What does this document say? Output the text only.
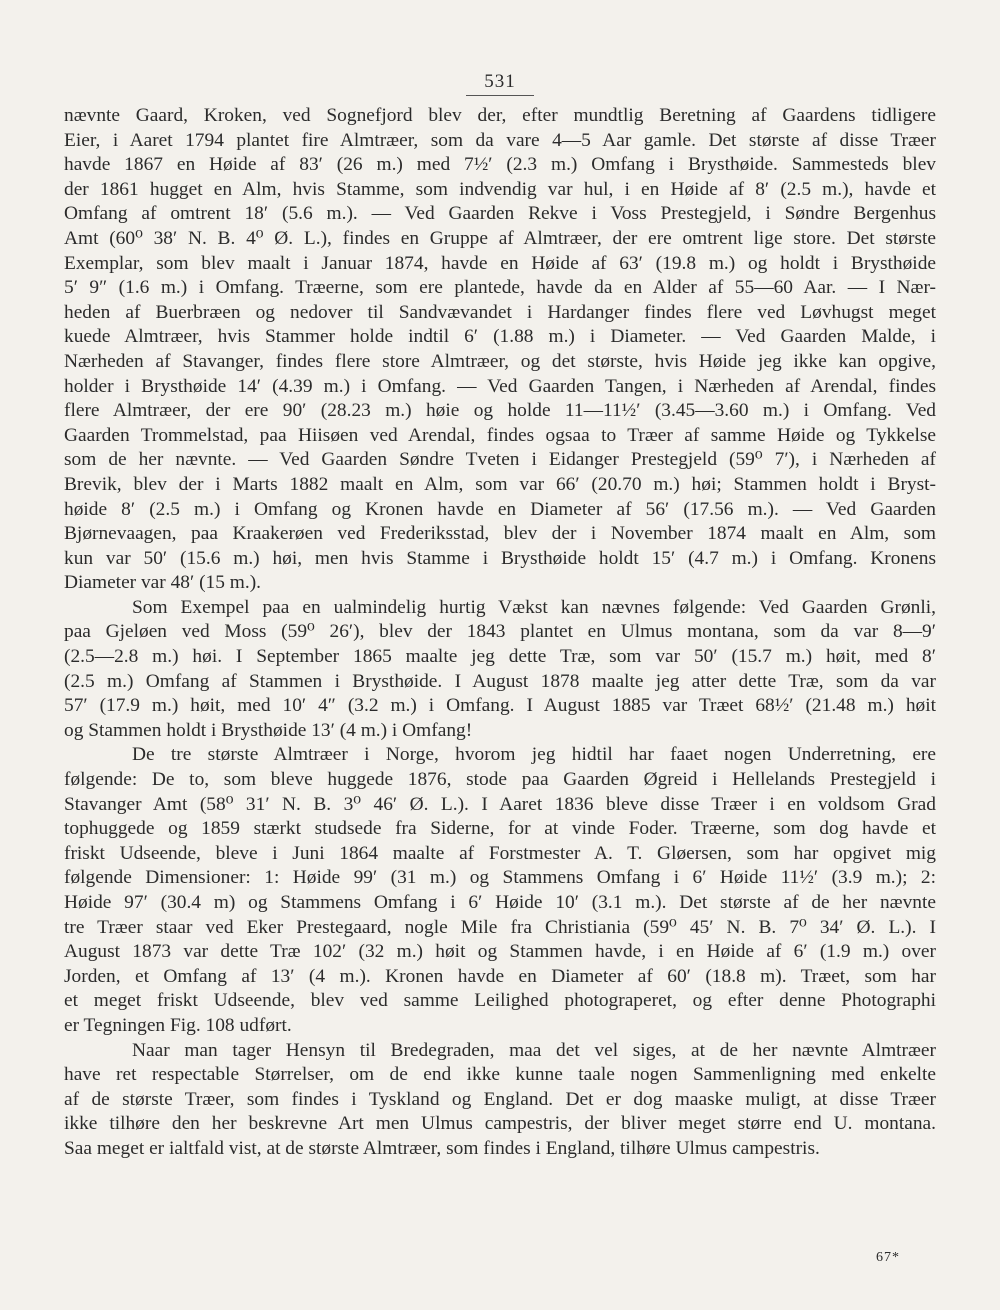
531

nævnte Gaard, Kroken, ved Sognefjord blev der, efter mundtlig Beretning af Gaardens tidligere
Eier, i Aaret 1794 plantet fire Almtræer, som da vare 4—5 Aar gamle. Det største af disse Træer
havde 1867 en Høide af 83′ (26 m.) med 7½′ (2.3 m.) Omfang i Brysthøide. Sammesteds blev
der 1861 hugget en Alm, hvis Stamme, som indvendig var hul, i en Høide af 8′ (2.5 m.), havde et
Omfang af omtrent 18′ (5.6 m.). — Ved Gaarden Rekve i Voss Prestegjeld, i Søndre Bergenhus
Amt (60⁰ 38′ N. B. 4⁰ Ø. L.), findes en Gruppe af Almtræer, der ere omtrent lige store. Det største
Exemplar, som blev maalt i Januar 1874, havde en Høide af 63′ (19.8 m.) og holdt i Brysthøide
5′ 9″ (1.6 m.) i Omfang. Træerne, som ere plantede, havde da en Alder af 55—60 Aar. — I Nær-
heden af Buerbræen og nedover til Sandvævandet i Hardanger findes flere ved Løvhugst meget
kuede Almtræer, hvis Stammer holde indtil 6′ (1.88 m.) i Diameter. — Ved Gaarden Malde, i
Nærheden af Stavanger, findes flere store Almtræer, og det største, hvis Høide jeg ikke kan opgive,
holder i Brysthøide 14′ (4.39 m.) i Omfang. — Ved Gaarden Tangen, i Nærheden af Arendal, findes
flere Almtræer, der ere 90′ (28.23 m.) høie og holde 11—11½′ (3.45—3.60 m.) i Omfang. Ved
Gaarden Trommelstad, paa Hiisøen ved Arendal, findes ogsaa to Træer af samme Høide og Tykkelse
som de her nævnte. — Ved Gaarden Søndre Tveten i Eidanger Prestegjeld (59⁰ 7′), i Nærheden af
Brevik, blev der i Marts 1882 maalt en Alm, som var 66′ (20.70 m.) høi; Stammen holdt i Bryst-
høide 8′ (2.5 m.) i Omfang og Kronen havde en Diameter af 56′ (17.56 m.). — Ved Gaarden
Bjørnevaagen, paa Kraakerøen ved Frederiksstad, blev der i November 1874 maalt en Alm, som
kun var 50′ (15.6 m.) høi, men hvis Stamme i Brysthøide holdt 15′ (4.7 m.) i Omfang. Kronens
Diameter var 48′ (15 m.).

Som Exempel paa en ualmindelig hurtig Vækst kan nævnes følgende: Ved Gaarden Grønli,
paa Gjeløen ved Moss (59⁰ 26′), blev der 1843 plantet en Ulmus montana, som da var 8—9′
(2.5—2.8 m.) høi. I September 1865 maalte jeg dette Træ, som var 50′ (15.7 m.) høit, med 8′
(2.5 m.) Omfang af Stammen i Brysthøide. I August 1878 maalte jeg atter dette Træ, som da var
57′ (17.9 m.) høit, med 10′ 4″ (3.2 m.) i Omfang. I August 1885 var Træet 68½′ (21.48 m.) høit
og Stammen holdt i Brysthøide 13′ (4 m.) i Omfang!

De tre største Almtræer i Norge, hvorom jeg hidtil har faaet nogen Underretning, ere
følgende: De to, som bleve huggede 1876, stode paa Gaarden Øgreid i Hellelands Prestegjeld i
Stavanger Amt (58⁰ 31′ N. B. 3⁰ 46′ Ø. L.). I Aaret 1836 bleve disse Træer i en voldsom Grad
tophuggede og 1859 stærkt studsede fra Siderne, for at vinde Foder. Træerne, som dog havde et
friskt Udseende, bleve i Juni 1864 maalte af Forstmester A. T. Gløersen, som har opgivet mig
følgende Dimensioner: 1: Høide 99′ (31 m.) og Stammens Omfang i 6′ Høide 11½′ (3.9 m.); 2:
Høide 97′ (30.4 m) og Stammens Omfang i 6′ Høide 10′ (3.1 m.). Det største af de her nævnte
tre Træer staar ved Eker Prestegaard, nogle Mile fra Christiania (59⁰ 45′ N. B. 7⁰ 34′ Ø. L.). I
August 1873 var dette Træ 102′ (32 m.) høit og Stammen havde, i en Høide af 6′ (1.9 m.) over
Jorden, et Omfang af 13′ (4 m.). Kronen havde en Diameter af 60′ (18.8 m). Træet, som har
et meget friskt Udseende, blev ved samme Leilighed photograperet, og efter denne Photographi
er Tegningen Fig. 108 udført.

Naar man tager Hensyn til Bredegraden, maa det vel siges, at de her nævnte Almtræer
have ret respectable Størrelser, om de end ikke kunne taale nogen Sammenligning med enkelte
af de største Træer, som findes i Tyskland og England. Det er dog maaske muligt, at disse Træer
ikke tilhøre den her beskrevne Art men Ulmus campestris, der bliver meget større end U. montana.
Saa meget er ialtfald vist, at de største Almtræer, som findes i England, tilhøre Ulmus campestris.

67*
